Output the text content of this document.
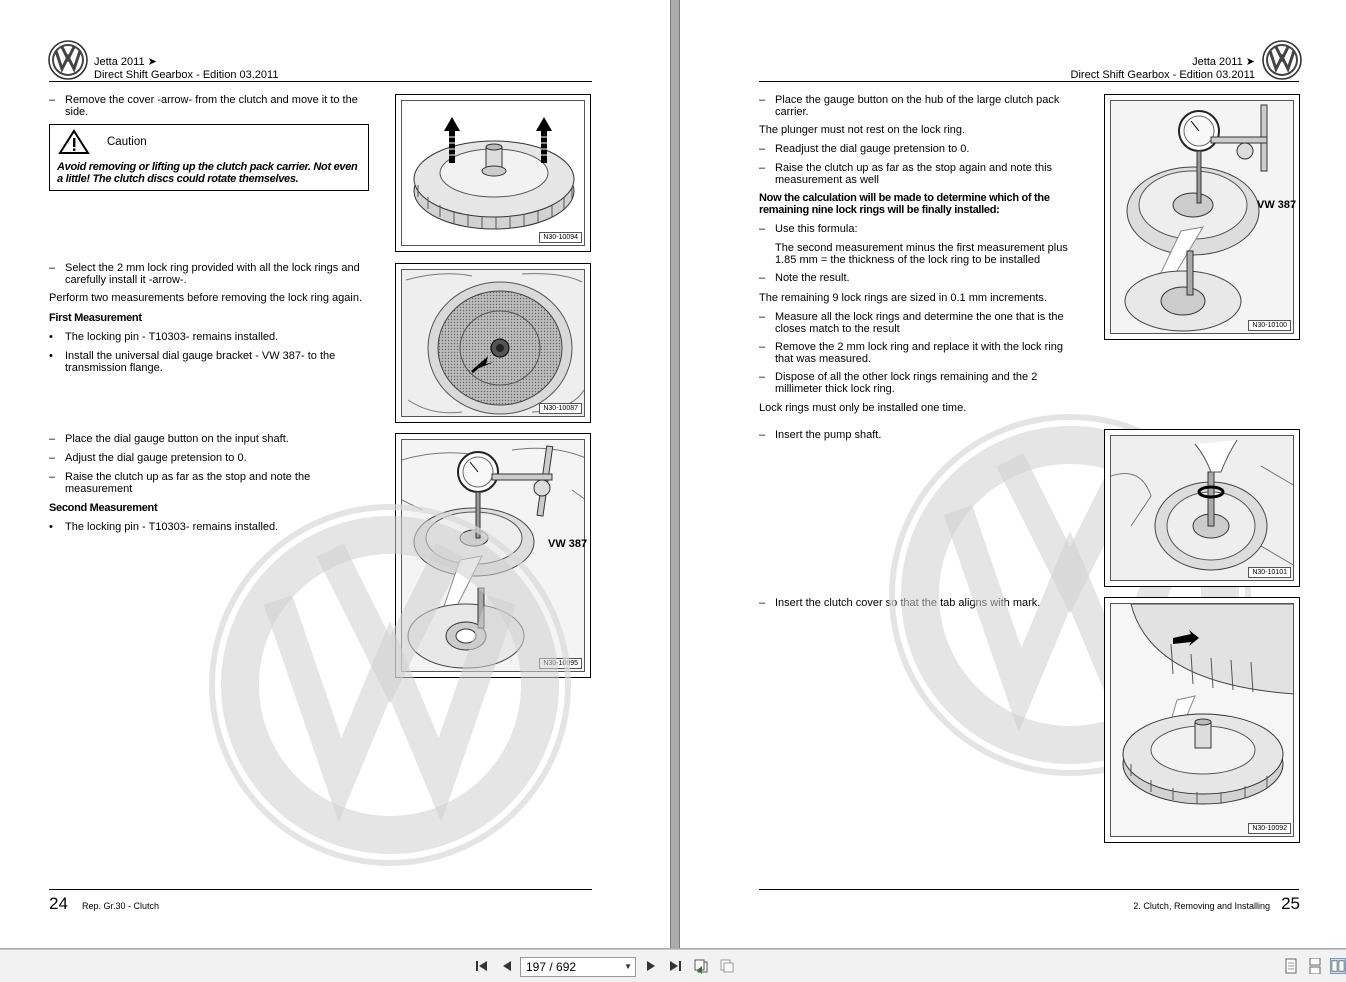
Jetta 2011 ➤
Direct Shift Gearbox - Edition 03.2011
– Remove the cover -arrow- from the clutch and move it to the side.
Caution
Avoid removing or lifting up the clutch pack carrier. Not even a little! The clutch discs could rotate themselves.
N30-10094
– Select the 2 mm lock ring provided with all the lock rings and carefully install it -arrow-.
Perform two measurements before removing the lock ring again.
First Measurement
• The locking pin - T10303- remains installed.
• Install the universal dial gauge bracket - VW 387- to the transmission flange.
N30-10087
– Place the dial gauge button on the input shaft.
– Adjust the dial gauge pretension to 0.
– Raise the clutch up as far as the stop and note the measurement
Second Measurement
• The locking pin - T10303- remains installed.
VW 387
N30-10095
24 Rep. Gr.30 - Clutch
Jetta 2011 ➤
Direct Shift Gearbox - Edition 03.2011
– Place the gauge button on the hub of the large clutch pack carrier.
The plunger must not rest on the lock ring.
– Readjust the dial gauge pretension to 0.
– Raise the clutch up as far as the stop again and note this measurement as well
Now the calculation will be made to determine which of the remaining nine lock rings will be finally installed:
– Use this formula:
The second measurement minus the first measurement plus 1.85 mm = the thickness of the lock ring to be installed
– Note the result.
The remaining 9 lock rings are sized in 0.1 mm increments.
– Measure all the lock rings and determine the one that is the closes match to the result
– Remove the 2 mm lock ring and replace it with the lock ring that was measured.
– Dispose of all the other lock rings remaining and the 2 millimeter thick lock ring.
Lock rings must only be installed one time.
– Insert the pump shaft.
– Insert the clutch cover so that the tab aligns with mark.
VW 387
N30-10100
N30-10101
N30-10092
2. Clutch, Removing and Installing 25
197 / 692	▼
